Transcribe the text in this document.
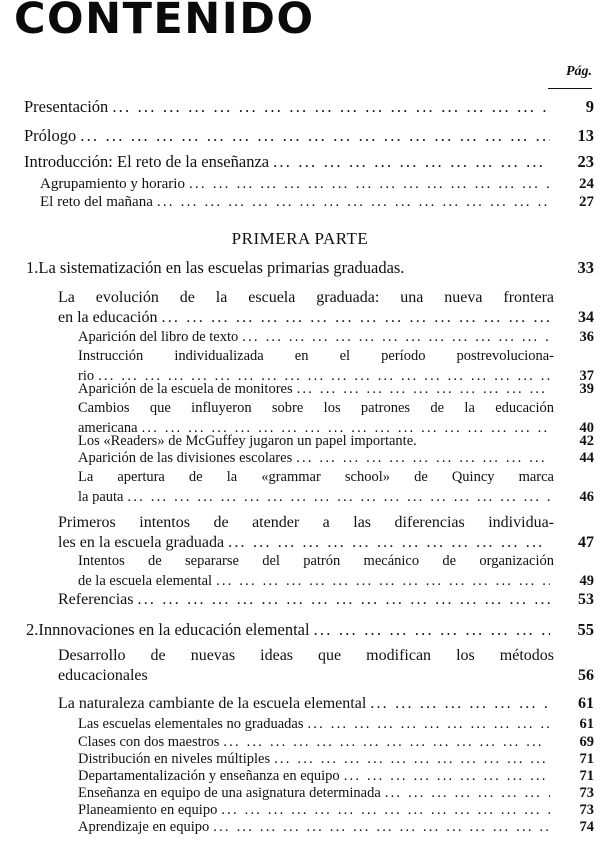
CONTENIDO
Pág.
Presentación ... .	9
Prólogo ... .	13
Introducción: El reto de la enseñanza ... .	23
Agrupamiento y horario ... .	24
El reto del mañana ... .	27
PRIMERA PARTE
1. La sistematización en las escuelas primarias graduadas.	33
La evolución de la escuela graduada: una nueva frontera
en la educación ... .	34
Aparición del libro de texto ... .	36
Instrucción individualizada en el período postrevoluciona-
rio ... .	37
Aparición de la escuela de monitores ... .	39
Cambios que influyeron sobre los patrones de la educación
americana ... .	40
Los «Readers» de McGuffey jugaron un papel importante.	42
Aparición de las divisiones escolares ... .	44
La apertura de la «grammar school» de Quincy marca
la pauta ... .	46
Primeros intentos de atender a las diferencias individua-
les en la escuela graduada ... .	47
Intentos de separarse del patrón mecánico de organización
de la escuela elemental ... .	49
Referencias ... .	53
2. Innnovaciones en la educación elemental ... .	55
Desarrollo de nuevas ideas que modifican los métodos
educacionales	56
La naturaleza cambiante de la escuela elemental ... .	61
Las escuelas elementales no graduadas ... .	61
Clases con dos maestros ... .	69
Distribución en niveles múltiples ... .	71
Departamentalización y enseñanza en equipo ... .	71
Enseñanza en equipo de una asignatura determinada ... .	73
Planeamiento en equipo ... .	73
Aprendizaje en equipo ... .	74
